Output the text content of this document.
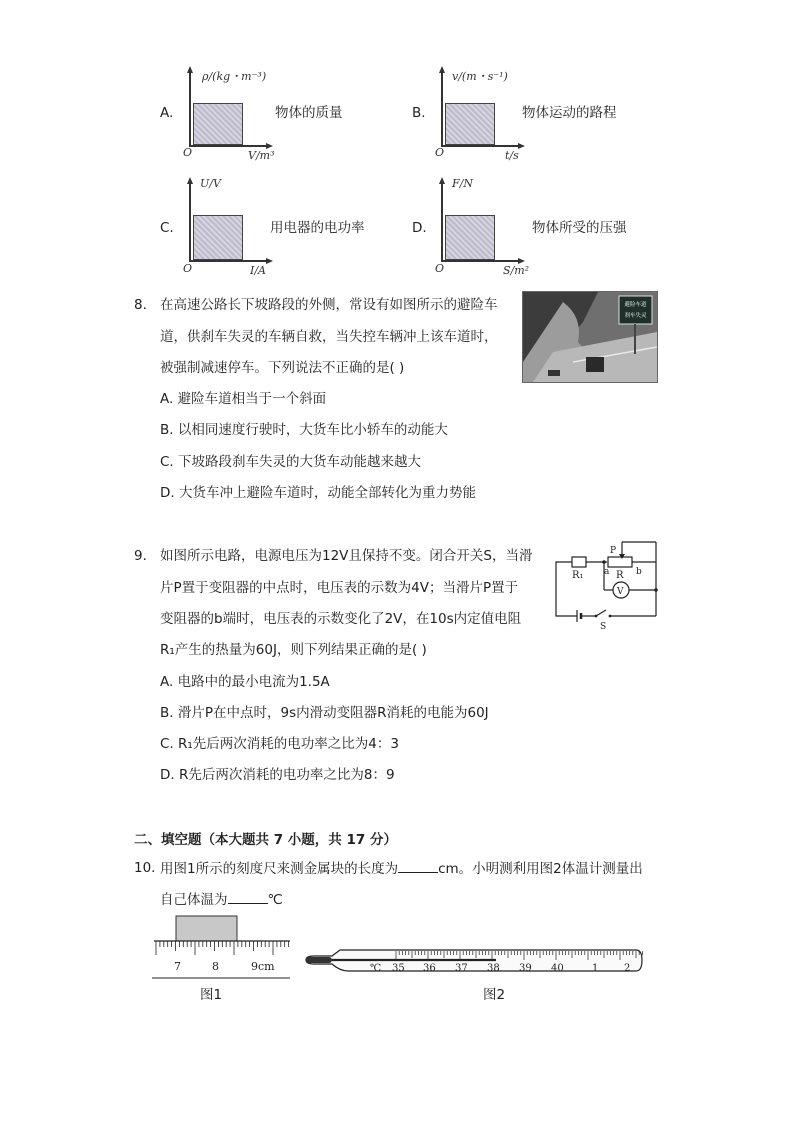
A.
ρ/(kg・m⁻³)
V/m³
O
物体的质量	B.
v/(m・s⁻¹)
t/s
O
物体运动的路程
C.
U/V
I/A
O
用电器的电功率	D.
F/N
S/m²
O
物体所受的压强
8. 在高速公路长下坡路段的外侧，常设有如图所示的避险车
道，供刹车失灵的车辆自救，当失控车辆冲上该车道时，
被强制减速停车。下列说法不正确的是( )
避险车道
刹车失灵
A. 避险车道相当于一个斜面
B. 以相同速度行驶时，大货车比小轿车的动能大
C. 下坡路段刹车失灵的大货车动能越来越大
D. 大货车冲上避险车道时，动能全部转化为重力势能
9. 如图所示电路，电源电压为12V且保持不变。闭合开关S，当滑
片P置于变阻器的中点时，电压表的示数为4V；当滑片P置于
变阻器的b端时，电压表的示数变化了2V，在10s内定值电阻
R₁产生的热量为60J，则下列结果正确的是( )
R₁	R
P
a	b
V
S
A. 电路中的最小电流为1.5A
B. 滑片P在中点时，9s内滑动变阻器R消耗的电能为60J
C. R₁先后两次消耗的电功率之比为4：3
D. R先后两次消耗的电功率之比为8：9
二、填空题（本大题共 7 小题，共 17 分）
10. 用图1所示的刻度尺来测金属块的长度为	cm。小明测利用图2体温计测量出
自己体温为	℃
7	8	9cm	℃ 35 36 37 38 39 40	1	2
图1	图2
